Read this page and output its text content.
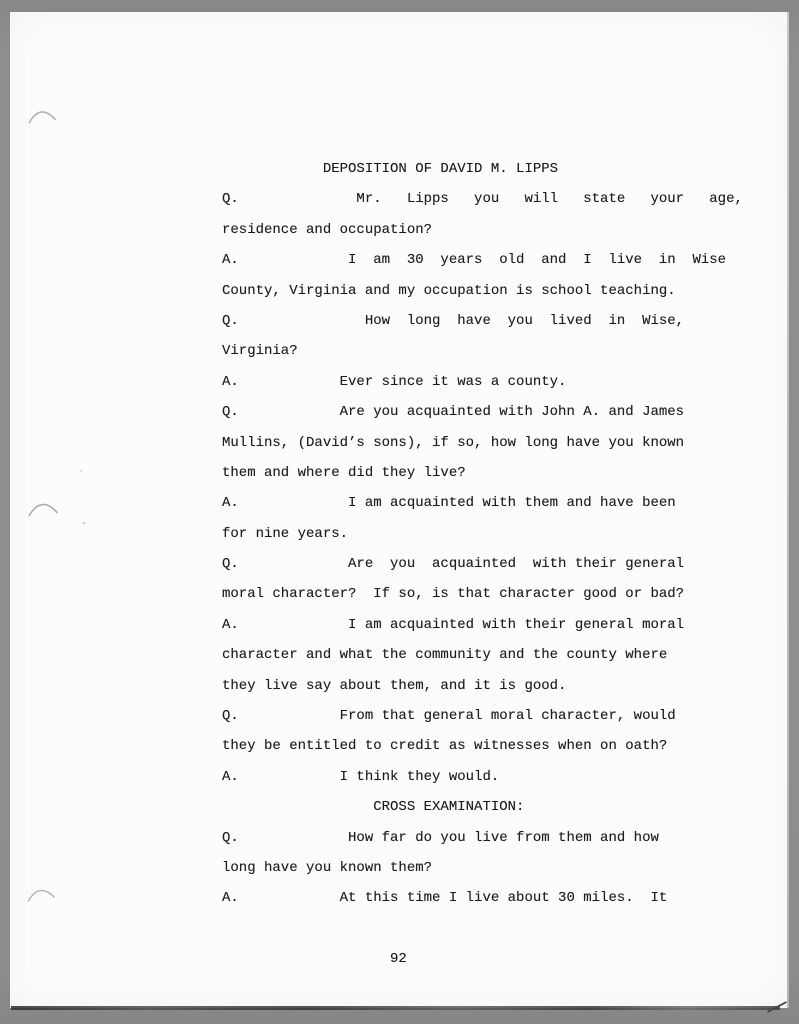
DEPOSITION OF DAVID M. LIPPS
Q.              Mr.   Lipps   you   will   state   your   age,
residence and occupation?
A.             I  am  30  years  old  and  I  live  in  Wise
County, Virginia and my occupation is school teaching.
Q.               How  long  have  you  lived  in  Wise,
Virginia?
A.            Ever since it was a county.
Q.            Are you acquainted with John A. and James
Mullins, (David’s sons), if so, how long have you known
them and where did they live?
A.             I am acquainted with them and have been
for nine years.
Q.             Are  you  acquainted  with their general
moral character?  If so, is that character good or bad?
A.             I am acquainted with their general moral
character and what the community and the county where
they live say about them, and it is good.
Q.            From that general moral character, would
they be entitled to credit as witnesses when on oath?
A.            I think they would.
CROSS EXAMINATION:
Q.             How far do you live from them and how
long have you known them?
A.            At this time I live about 30 miles.  It
92
